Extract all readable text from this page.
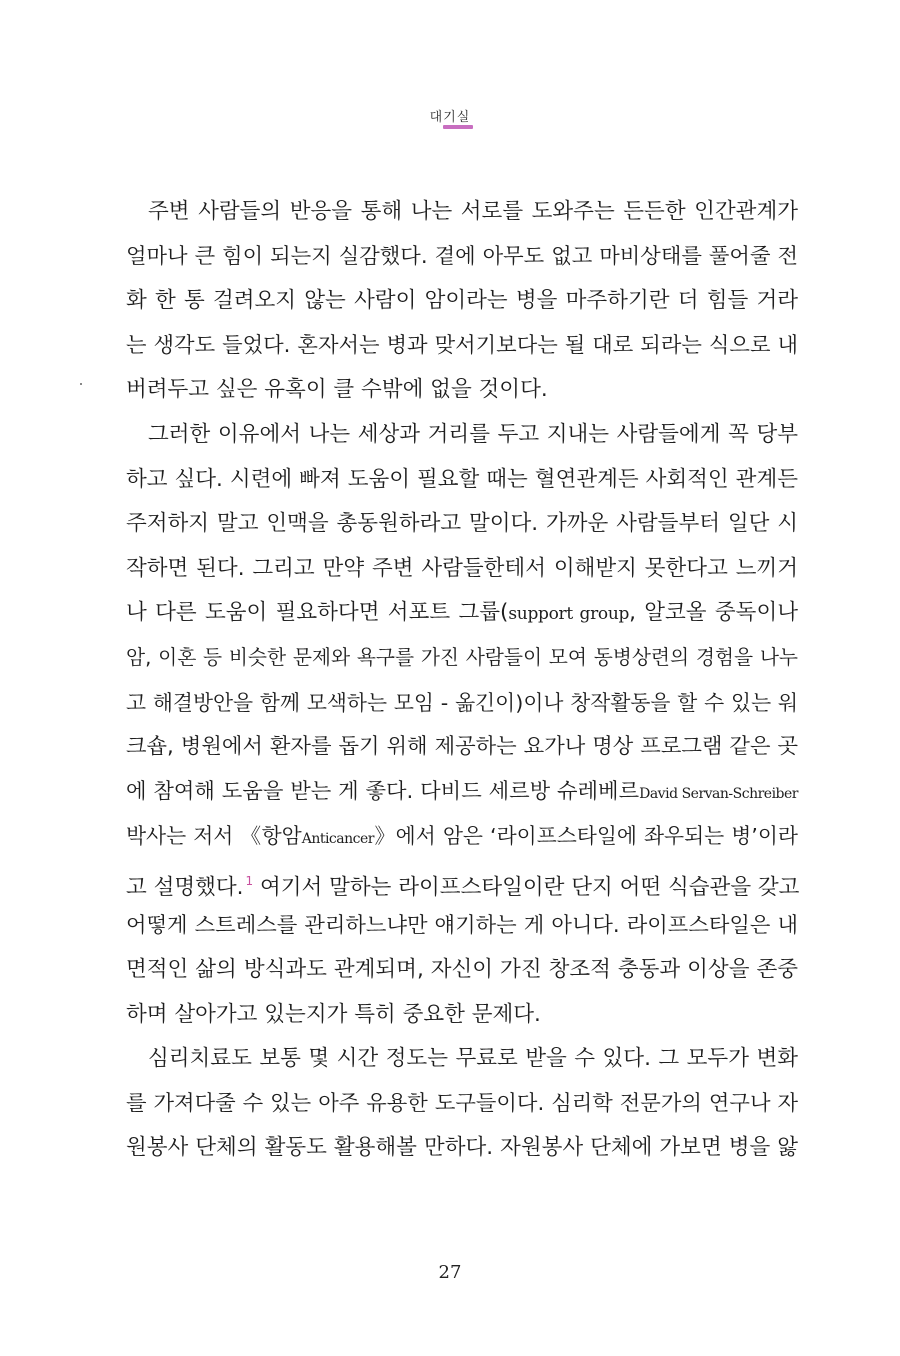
대기실
주변 사람들의 반응을 통해 나는 서로를 도와주는 든든한 인간관계가
얼마나 큰 힘이 되는지 실감했다. 곁에 아무도 없고 마비상태를 풀어줄 전
화 한 통 걸려오지 않는 사람이 암이라는 병을 마주하기란 더 힘들 거라
는 생각도 들었다. 혼자서는 병과 맞서기보다는 될 대로 되라는 식으로 내
버려두고 싶은 유혹이 클 수밖에 없을 것이다.
그러한 이유에서 나는 세상과 거리를 두고 지내는 사람들에게 꼭 당부
하고 싶다. 시련에 빠져 도움이 필요할 때는 혈연관계든 사회적인 관계든
주저하지 말고 인맥을 총동원하라고 말이다. 가까운 사람들부터 일단 시
작하면 된다. 그리고 만약 주변 사람들한테서 이해받지 못한다고 느끼거
나 다른 도움이 필요하다면 서포트 그룹(support group, 알코올 중독이나
암, 이혼 등 비슷한 문제와 욕구를 가진 사람들이 모여 동병상련의 경험을 나누
고 해결방안을 함께 모색하는 모임 - 옮긴이)이나 창작활동을 할 수 있는 워
크숍, 병원에서 환자를 돕기 위해 제공하는 요가나 명상 프로그램 같은 곳
에 참여해 도움을 받는 게 좋다. 다비드 세르방 슈레베르David Servan-Schreiber
박사는 저서 《항암Anticancer》에서 암은 ‘라이프스타일에 좌우되는 병’이라
고 설명했다. $^1$ 여기서 말하는 라이프스타일이란 단지 어떤 식습관을 갖고
어떻게 스트레스를 관리하느냐만 얘기하는 게 아니다. 라이프스타일은 내
면적인 삶의 방식과도 관계되며, 자신이 가진 창조적 충동과 이상을 존중
하며 살아가고 있는지가 특히 중요한 문제다.
심리치료도 보통 몇 시간 정도는 무료로 받을 수 있다. 그 모두가 변화
를 가져다줄 수 있는 아주 유용한 도구들이다. 심리학 전문가의 연구나 자
원봉사 단체의 활동도 활용해볼 만하다. 자원봉사 단체에 가보면 병을 앓
27
